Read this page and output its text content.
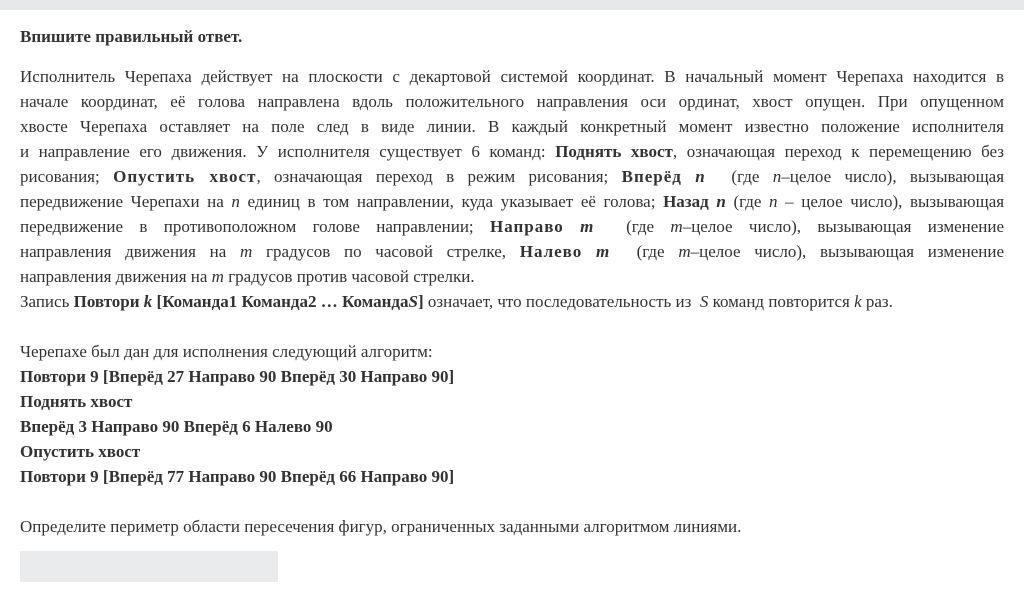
Впишите правильный ответ.

Исполнитель Черепаха действует на плоскости с декартовой системой координат. В начальный момент Черепаха находится в
начале координат, её голова направлена вдоль положительного направления оси ординат, хвост опущен. При опущенном
хвосте Черепаха оставляет на поле след в виде линии. В каждый конкретный момент известно положение исполнителя
и направление его движения. У исполнителя существует 6 команд: Поднять хвост, означающая переход к перемещению без
рисования; Опустить хвост, означающая переход в режим рисования; Вперёд n (где n–целое число), вызывающая
передвижение Черепахи на n единиц в том направлении, куда указывает её голова; Назад n (где n – целое число), вызывающая
передвижение в противоположном голове направлении; Направо m (где m–целое число), вызывающая изменение
направления движения на m градусов по часовой стрелке, Налево m (где m–целое число), вызывающая изменение
направления движения на m градусов против часовой стрелки.
Запись Повтори k [Команда1 Команда2 … КомандаS] означает, что последовательность из S команд повторится k раз.
Черепахе был дан для исполнения следующий алгоритм:
Повтори 9 [Вперёд 27 Направо 90 Вперёд 30 Направо 90]
Поднять хвост
Вперёд 3 Направо 90 Вперёд 6 Налево 90
Опустить хвост
Повтори 9 [Вперёд 77 Направо 90 Вперёд 66 Направо 90]
Определите периметр области пересечения фигур, ограниченных заданными алгоритмом линиями.
